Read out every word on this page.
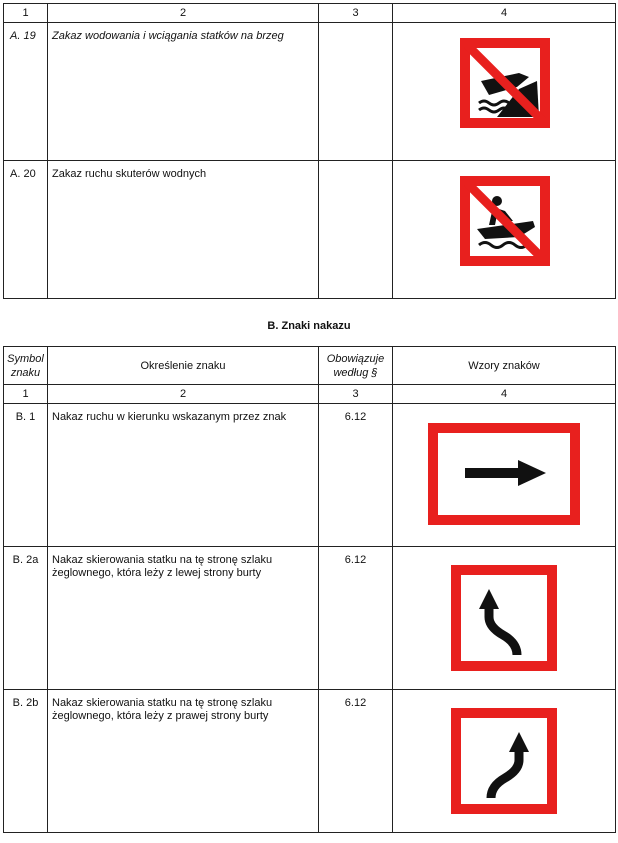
1	2	3	4
A. 19	Zakaz wodowania i wciągania statków na brzeg		

A. 20	Zakaz ruchu skuterów wodnych		
B. Znaki nakazu
Symbol znaku	Określenie znaku	Obowiązuje według §	Wzory znaków
1	2	3	4
B. 1	Nakaz ruchu w kierunku wskazanym przez znak	6.12	

B. 2a	Nakaz skierowania statku na tę stronę szlaku żeglownego, która leży z lewej strony burty	6.12	

B. 2b	Nakaz skierowania statku na tę stronę szlaku żeglownego, która leży z prawej strony burty	6.12	
